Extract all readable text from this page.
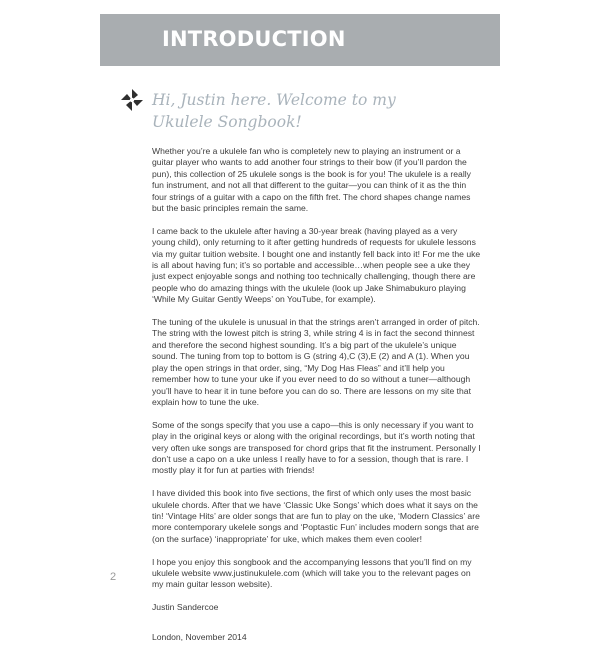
INTRODUCTION
Hi, Justin here. Welcome to my
Ukulele Songbook!

Whether you’re a ukulele fan who is completely new to playing an instrument or a guitar player who wants to add another four strings to their bow (if you’ll pardon the pun), this collection of 25 ukulele songs is the book is for you! The ukulele is a really fun instrument, and not all that different to the guitar—you can think of it as the thin four strings of a guitar with a capo on the fifth fret. The chord shapes change names but the basic principles remain the same.

I came back to the ukulele after having a 30-year break (having played as a very young child), only returning to it after getting hundreds of requests for ukulele lessons via my guitar tuition website. I bought one and instantly fell back into it! For me the uke is all about having fun; it’s so portable and accessible…when people see a uke they just expect enjoyable songs and nothing too technically challenging, though there are people who do amazing things with the ukulele (look up Jake Shimabukuro playing ‘While My Guitar Gently Weeps’ on YouTube, for example).

The tuning of the ukulele is unusual in that the strings aren’t arranged in order of pitch. The string with the lowest pitch is string 3, while string 4 is in fact the second thinnest and therefore the second highest sounding. It’s a big part of the ukulele’s unique sound. The tuning from top to bottom is G (string 4),C (3),E (2) and A (1). When you play the open strings in that order, sing, “My Dog Has Fleas” and it’ll help you remember how to tune your uke if you ever need to do so without a tuner—although you’ll have to hear it in tune before you can do so. There are lessons on my site that explain how to tune the uke.

Some of the songs specify that you use a capo—this is only necessary if you want to play in the original keys or along with the original recordings, but it’s worth noting that very often uke songs are transposed for chord grips that fit the instrument. Personally I don’t use a capo on a uke unless I really have to for a session, though that is rare. I mostly play it for fun at parties with friends!

I have divided this book into five sections, the first of which only uses the most basic ukulele chords. After that we have ‘Classic Uke Songs’ which does what it says on the tin! ‘Vintage Hits’ are older songs that are fun to play on the uke, ‘Modern Classics’ are more contemporary ukelele songs and ‘Poptastic Fun’ includes modern songs that are (on the surface) ‘inappropriate’ for uke, which makes them even cooler!

I hope you enjoy this songbook and the accompanying lessons that you’ll find on my ukulele website www.justinukulele.com (which will take you to the relevant pages on my main guitar lesson website).

Justin Sandercoe

London, November 2014

2
